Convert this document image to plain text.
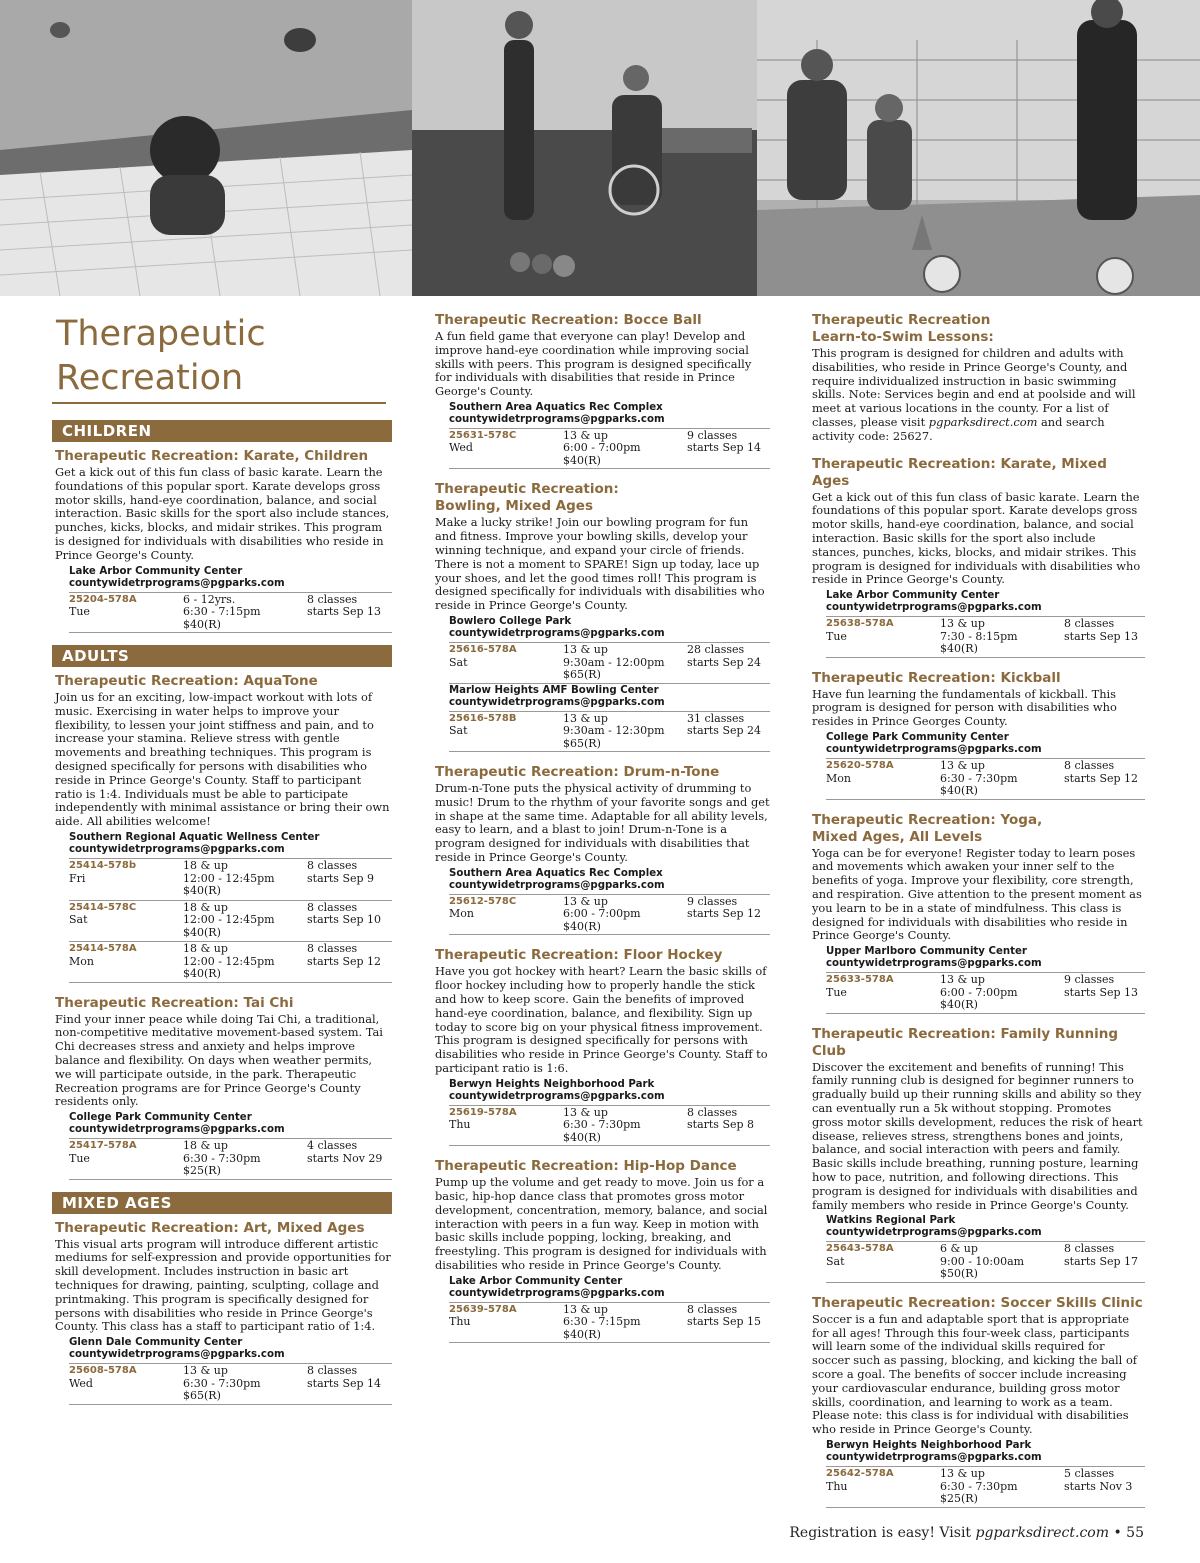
Therapeutic
Recreation
CHILDREN
Therapeutic Recreation: Karate, Children

Get a kick out of this fun class of basic karate. Learn the foundations of this popular sport. Karate develops gross motor skills, hand-eye coordination, balance, and social interaction. Basic skills for the sport also include stances, punches, kicks, blocks, and midair strikes. This program is designed for individuals with disabilities who reside in Prince George's County.

Lake Arbor Community Center
countywidetrprograms@pgparks.com
25204-578A	6 - 12yrs.	8 classes
Tue	6:30 - 7:15pm	starts Sep 13
$40(R)
ADULTS
Therapeutic Recreation: AquaTone

Join us for an exciting, low-impact workout with lots of music. Exercising in water helps to improve your flexibility, to lessen your joint stiffness and pain, and to increase your stamina. Relieve stress with gentle movements and breathing techniques. This program is designed specifically for persons with disabilities who reside in Prince George's County. Staff to participant ratio is 1:4. Individuals must be able to participate independently with minimal assistance or bring their own aide. All abilities welcome!

Southern Regional Aquatic Wellness Center
countywidetrprograms@pgparks.com
25414-578b	18 & up	8 classes
Fri	12:00 - 12:45pm	starts Sep 9
$40(R)
25414-578C	18 & up	8 classes
Sat	12:00 - 12:45pm	starts Sep 10
$40(R)
25414-578A	18 & up	8 classes
Mon	12:00 - 12:45pm	starts Sep 12
$40(R)
Therapeutic Recreation: Tai Chi

Find your inner peace while doing Tai Chi, a traditional, non-competitive meditative movement-based system. Tai Chi decreases stress and anxiety and helps improve balance and flexibility. On days when weather permits, we will participate outside, in the park. Therapeutic Recreation programs are for Prince George's County residents only.

College Park Community Center
countywidetrprograms@pgparks.com
25417-578A	18 & up	4 classes
Tue	6:30 - 7:30pm	starts Nov 29
$25(R)
MIXED AGES
Therapeutic Recreation: Art, Mixed Ages

This visual arts program will introduce different artistic mediums for self-expression and provide opportunities for skill development. Includes instruction in basic art techniques for drawing, painting, sculpting, collage and printmaking. This program is specifically designed for persons with disabilities who reside in Prince George's County. This class has a staff to participant ratio of 1:4.

Glenn Dale Community Center
countywidetrprograms@pgparks.com
25608-578A	13 & up	8 classes
Wed	6:30 - 7:30pm	starts Sep 14
$65(R)
Therapeutic Recreation: Bocce Ball

A fun field game that everyone can play! Develop and improve hand-eye coordination while improving social skills with peers. This program is designed specifically for individuals with disabilities that reside in Prince George's County.

Southern Area Aquatics Rec Complex
countywidetrprograms@pgparks.com
25631-578C	13 & up	9 classes
Wed	6:00 - 7:00pm	starts Sep 14
$40(R)
Therapeutic Recreation:
Bowling, Mixed Ages

Make a lucky strike! Join our bowling program for fun and fitness. Improve your bowling skills, develop your winning technique, and expand your circle of friends. There is not a moment to SPARE! Sign up today, lace up your shoes, and let the good times roll! This program is designed specifically for individuals with disabilities who reside in Prince George's County.

Bowlero College Park
countywidetrprograms@pgparks.com
25616-578A	13 & up	28 classes
Sat	9:30am - 12:00pm	starts Sep 24
$65(R)
Marlow Heights AMF Bowling Center
countywidetrprograms@pgparks.com
25616-578B	13 & up	31 classes
Sat	9:30am - 12:30pm	starts Sep 24
$65(R)
Therapeutic Recreation: Drum-n-Tone

Drum-n-Tone puts the physical activity of drumming to music! Drum to the rhythm of your favorite songs and get in shape at the same time. Adaptable for all ability levels, easy to learn, and a blast to join! Drum-n-Tone is a program designed for individuals with disabilities that reside in Prince George's County.

Southern Area Aquatics Rec Complex
countywidetrprograms@pgparks.com
25612-578C	13 & up	9 classes
Mon	6:00 - 7:00pm	starts Sep 12
$40(R)
Therapeutic Recreation: Floor Hockey

Have you got hockey with heart? Learn the basic skills of floor hockey including how to properly handle the stick and how to keep score. Gain the benefits of improved hand-eye coordination, balance, and flexibility. Sign up today to score big on your physical fitness improvement. This program is designed specifically for persons with disabilities who reside in Prince George's County. Staff to participant ratio is 1:6.

Berwyn Heights Neighborhood Park
countywidetrprograms@pgparks.com
25619-578A	13 & up	8 classes
Thu	6:30 - 7:30pm	starts Sep 8
$40(R)
Therapeutic Recreation: Hip-Hop Dance

Pump up the volume and get ready to move. Join us for a basic, hip-hop dance class that promotes gross motor development, concentration, memory, balance, and social interaction with peers in a fun way. Keep in motion with basic skills include popping, locking, breaking, and freestyling. This program is designed for individuals with disabilities who reside in Prince George's County.

Lake Arbor Community Center
countywidetrprograms@pgparks.com
25639-578A	13 & up	8 classes
Thu	6:30 - 7:15pm	starts Sep 15
$40(R)
Therapeutic Recreation
Learn-to-Swim Lessons:

This program is designed for children and adults with disabilities, who reside in Prince George's County, and require individualized instruction in basic swimming skills. Note: Services begin and end at poolside and will meet at various locations in the county. For a list of classes, please visit pgparksdirect.com and search activity code: 25627.

Therapeutic Recreation: Karate, Mixed Ages

Get a kick out of this fun class of basic karate. Learn the foundations of this popular sport. Karate develops gross motor skills, hand-eye coordination, balance, and social interaction. Basic skills for the sport also include stances, punches, kicks, blocks, and midair strikes. This program is designed for individuals with disabilities who reside in Prince George's County.

Lake Arbor Community Center
countywidetrprograms@pgparks.com
25638-578A	13 & up	8 classes
Tue	7:30 - 8:15pm	starts Sep 13
$40(R)
Therapeutic Recreation: Kickball

Have fun learning the fundamentals of kickball. This program is designed for person with disabilities who resides in Prince Georges County.

College Park Community Center
countywidetrprograms@pgparks.com
25620-578A	13 & up	8 classes
Mon	6:30 - 7:30pm	starts Sep 12
$40(R)
Therapeutic Recreation: Yoga,
Mixed Ages, All Levels

Yoga can be for everyone! Register today to learn poses and movements which awaken your inner self to the benefits of yoga. Improve your flexibility, core strength, and respiration. Give attention to the present moment as you learn to be in a state of mindfulness. This class is designed for individuals with disabilities who reside in Prince George's County.

Upper Marlboro Community Center
countywidetrprograms@pgparks.com
25633-578A	13 & up	9 classes
Tue	6:00 - 7:00pm	starts Sep 13
$40(R)
Therapeutic Recreation: Family Running Club

Discover the excitement and benefits of running! This family running club is designed for beginner runners to gradually build up their running skills and ability so they can eventually run a 5k without stopping. Promotes gross motor skills development, reduces the risk of heart disease, relieves stress, strengthens bones and joints, balance, and social interaction with peers and family. Basic skills include breathing, running posture, learning how to pace, nutrition, and following directions. This program is designed for individuals with disabilities and family members who reside in Prince George's County.

Watkins Regional Park
countywidetrprograms@pgparks.com
25643-578A	6 & up	8 classes
Sat	9:00 - 10:00am	starts Sep 17
$50(R)
Therapeutic Recreation: Soccer Skills Clinic

Soccer is a fun and adaptable sport that is appropriate for all ages! Through this four-week class, participants will learn some of the individual skills required for soccer such as passing, blocking, and kicking the ball of score a goal. The benefits of soccer include increasing your cardiovascular endurance, building gross motor skills, coordination, and learning to work as a team. Please note: this class is for individual with disabilities who reside in Prince George's County.

Berwyn Heights Neighborhood Park
countywidetrprograms@pgparks.com
25642-578A	13 & up	5 classes
Thu	6:30 - 7:30pm	starts Nov 3
$25(R)
Registration is easy! Visit pgparksdirect.com • 55
